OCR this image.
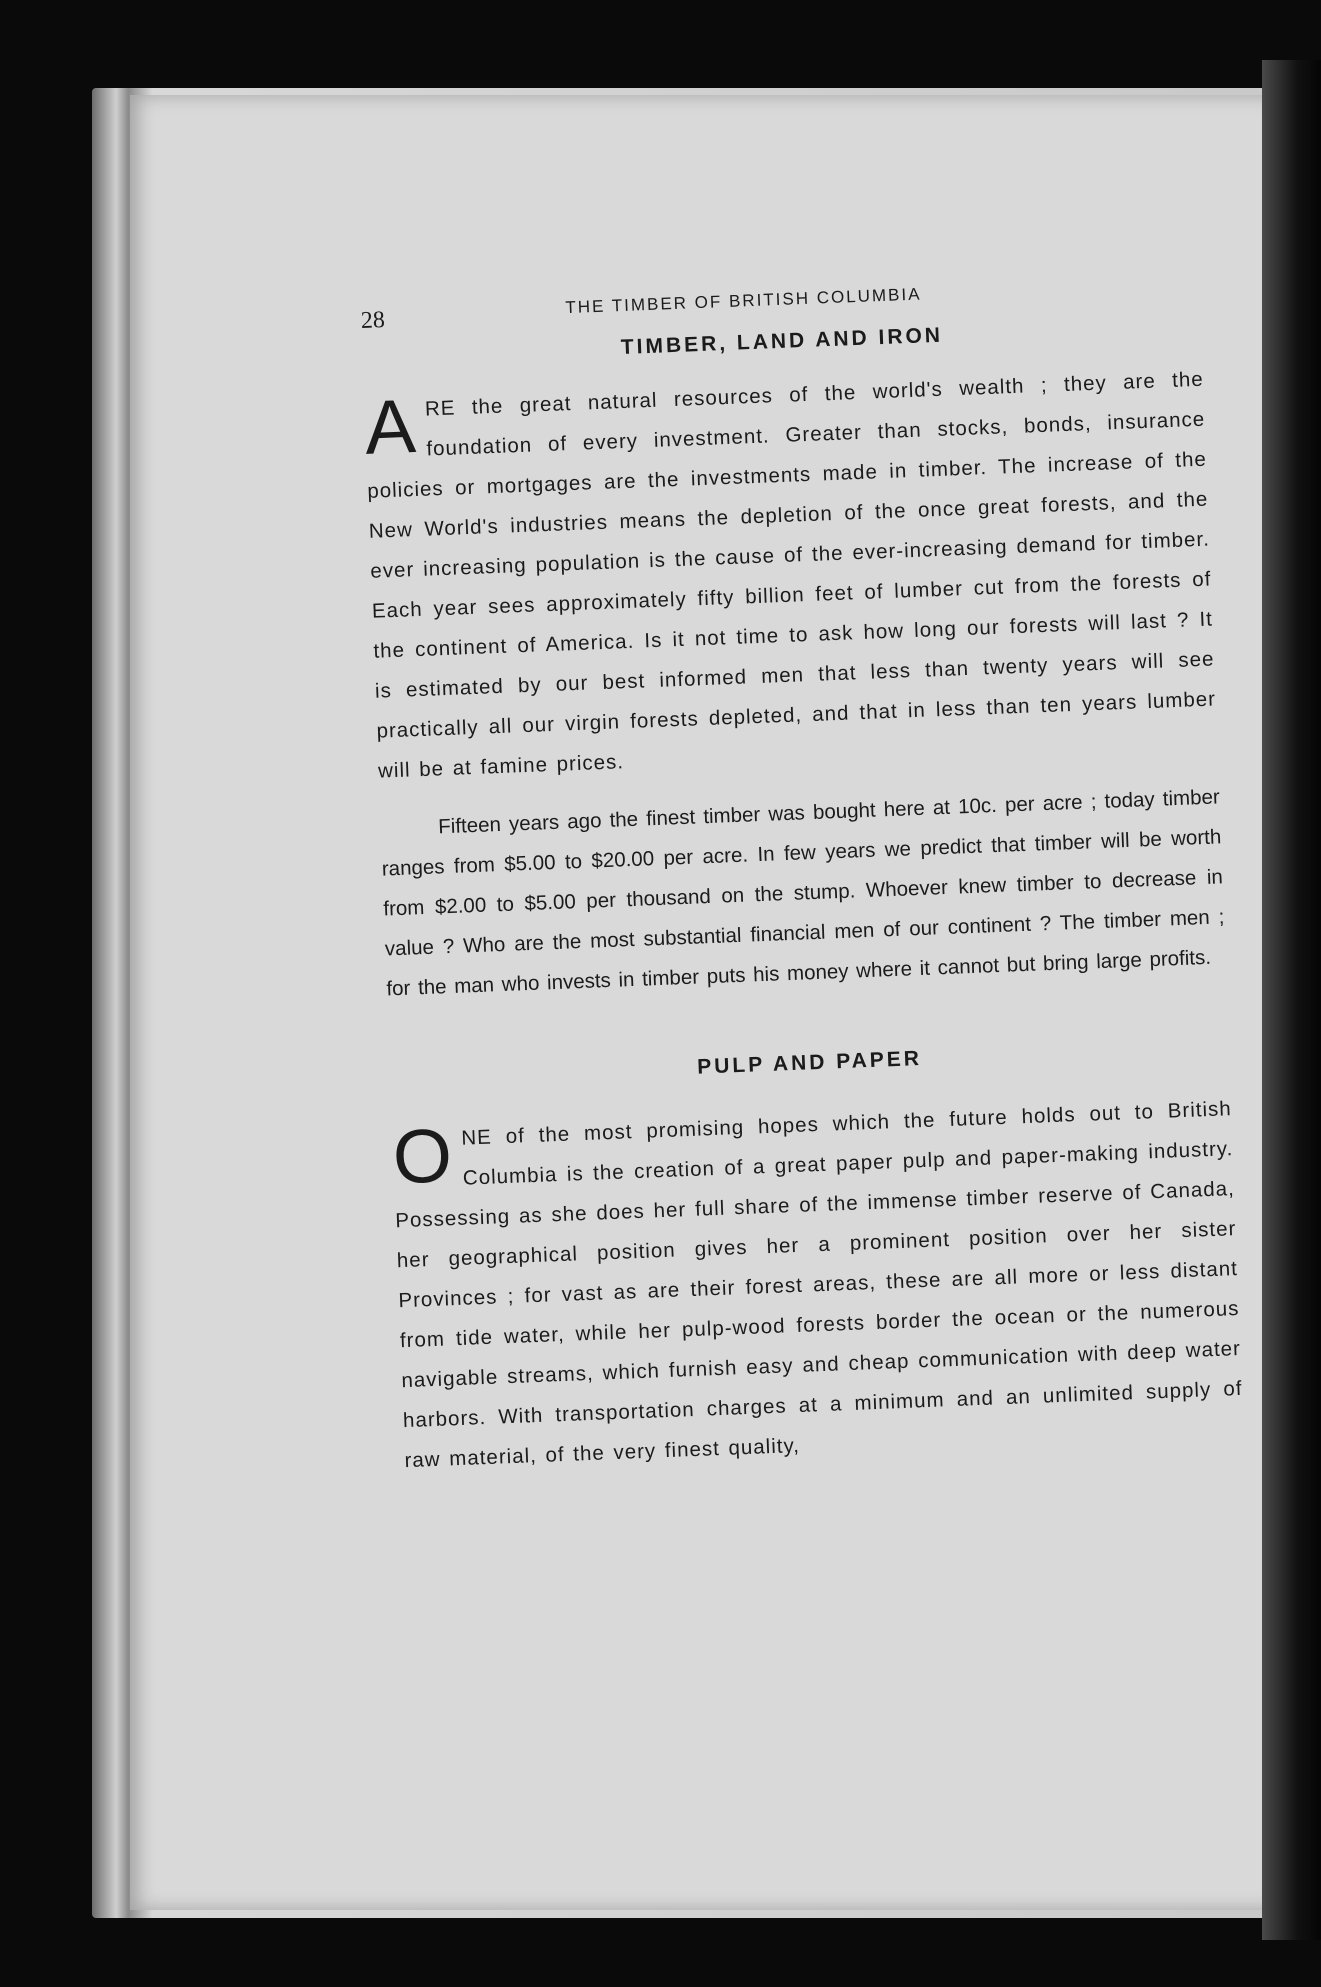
28
THE TIMBER OF BRITISH COLUMBIA
TIMBER, LAND AND IRON

ARE the great natural resources of the world's wealth ; they are the foundation of every investment. Greater than stocks, bonds, insurance policies or mortgages are the investments made in timber. The increase of the New World's industries means the depletion of the once great forests, and the ever increasing population is the cause of the ever-increasing demand for timber. Each year sees approximately fifty billion feet of lumber cut from the forests of the continent of America. Is it not time to ask how long our forests will last ? It is estimated by our best informed men that less than twenty years will see practically all our virgin forests depleted, and that in less than ten years lumber will be at famine prices.

Fifteen years ago the finest timber was bought here at 10c. per acre ; today timber ranges from $5.00 to $20.00 per acre. In few years we predict that timber will be worth from $2.00 to $5.00 per thousand on the stump. Whoever knew timber to decrease in value ? Who are the most substantial financial men of our continent ? The timber men ; for the man who invests in timber puts his money where it cannot but bring large profits.

PULP AND PAPER

ONE of the most promising hopes which the future holds out to British Columbia is the creation of a great paper pulp and paper-making industry. Possessing as she does her full share of the immense timber reserve of Canada, her geographical position gives her a prominent position over her sister Provinces ; for vast as are their forest areas, these are all more or less distant from tide water, while her pulp-wood forests border the ocean or the numerous navigable streams, which furnish easy and cheap communication with deep water harbors. With transportation charges at a minimum and an unlimited supply of raw material, of the very finest quality,
